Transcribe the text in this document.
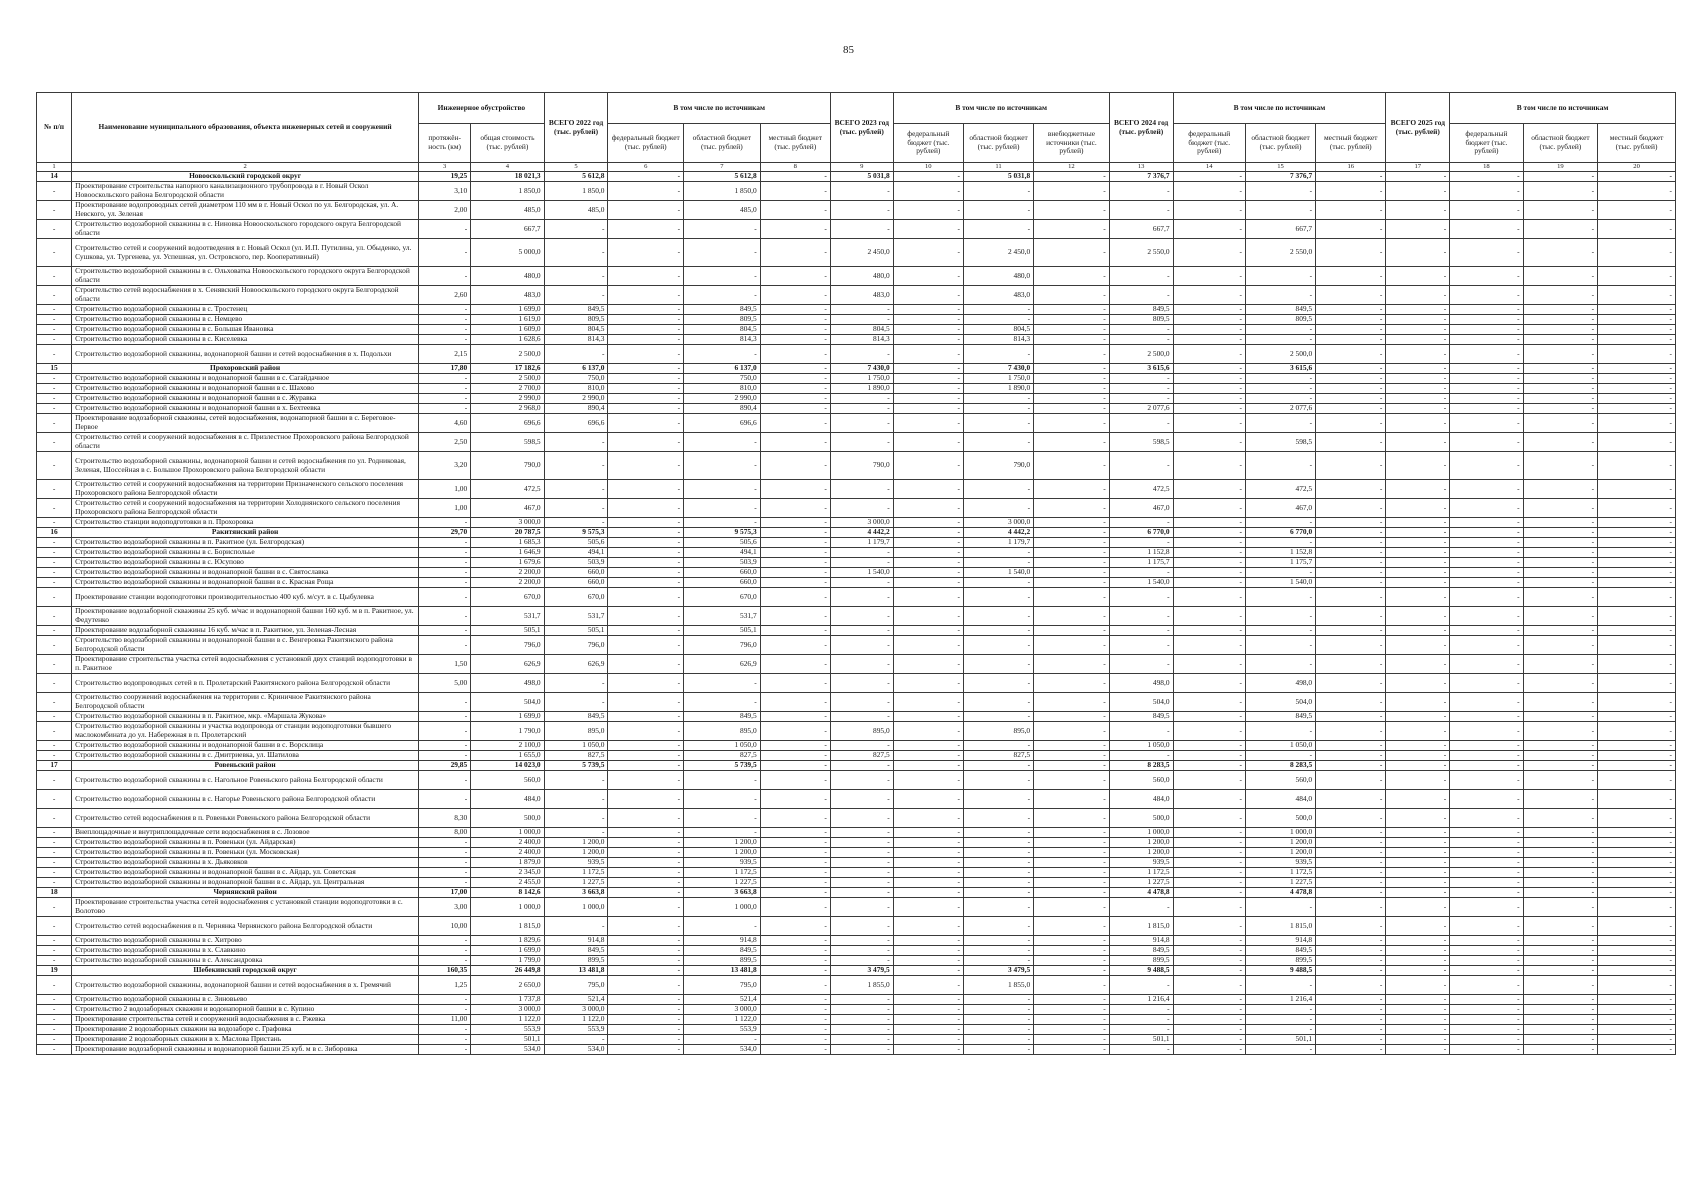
85
№ п/п	Наименование муниципального образования, объекта инженерных сетей и сооружений	Инженерное обустройство		ВСЕГО 2022 год (тыс. рублей)	В том числе по источникам			ВСЕГО 2023 год (тыс. рублей)	В том числе по источникам			ВСЕГО 2024 год (тыс. рублей)	В том числе по источникам			ВСЕГО 2025 год (тыс. рублей)	В том числе по источникам		
		протяжён-ность (км)	общая стоимость (тыс. рублей)		федеральный бюджет (тыс. рублей)	областной бюджет (тыс. рублей)	местный бюджет (тыс. рублей)		федеральный бюджет (тыс. рублей)	областной бюджет (тыс. рублей)	внебюджетные источники (тыс. рублей)		федеральный бюджет (тыс. рублей)	областной бюджет (тыс. рублей)	местный бюджет (тыс. рублей)		федеральный бюджет (тыс. рублей)	областной бюджет (тыс. рублей)	местный бюджет (тыс. рублей)
1	2	3	4	5	6	7	8	9	10	11	12	13	14	15	16	17	18	19	20
14	Новооскольский городской округ	19,25	18 021,3	5 612,8	-	5 612,8	-	5 031,8	-	5 031,8	-	7 376,7	-	7 376,7	-	-	-	-	-
-	Проектирование строительства напорного канализационного трубопровода в г. Новый Оскол Новооскольского района Белгородской области	3,10	1 850,0	1 850,0	-	1 850,0	-	-	-	-	-	-	-	-	-	-	-	-	-
-	Проектирование водопроводных сетей диаметром 110 мм в г. Новый Оскол по ул. Белгородская, ул. А. Невского, ул. Зеленая	2,00	485,0	485,0	-	485,0	-	-	-	-	-	-	-	-	-	-	-	-	-
-	Строительство водозаборной скважины в с. Ниновка Новооскольского городского округа Белгородской области	-	667,7	-	-	-	-	-	-	-	-	667,7	-	667,7	-	-	-	-	-
-	Строительство сетей и сооружений водоотведения в г. Новый Оскол (ул. И.П. Путилина, ул. Обыденко, ул. Сушкова, ул. Тургенева, ул. Успешная, ул. Островского, пер. Кооперативный)	-	5 000,0	-	-	-	-	2 450,0	-	2 450,0	-	2 550,0	-	2 550,0	-	-	-	-	-
-	Строительство водозаборной скважины в с. Ольховатка Новооскольского городского округа Белгородской области	-	480,0	-	-	-	-	480,0	-	480,0	-	-	-	-	-	-	-	-	-
-	Строительство сетей водоснабжения в х. Сенявский Новооскольского городского округа Белгородской области	2,60	483,0	-	-	-	-	483,0	-	483,0	-	-	-	-	-	-	-	-	-
-	Строительство водозаборной скважины в с. Тростенец	-	1 699,0	849,5	-	849,5	-	-	-	-	-	849,5	-	849,5	-	-	-	-	-
-	Строительство водозаборной скважины в с. Немцево	-	1 619,0	809,5	-	809,5	-	-	-	-	-	809,5	-	809,5	-	-	-	-	-
-	Строительство водозаборной скважины в с. Большая Ивановка	-	1 609,0	804,5	-	804,5	-	804,5	-	804,5	-	-	-	-	-	-	-	-	-
-	Строительство водозаборной скважины в с. Киселевка	-	1 628,6	814,3	-	814,3	-	814,3	-	814,3	-	-	-	-	-	-	-	-	-
-	Строительство водозаборной скважины, водонапорной башни и сетей водоснабжения в х. Подольхи	2,15	2 500,0	-	-	-	-	-	-	-	-	2 500,0	-	2 500,0	-	-	-	-	-
15	Прохоровский район	17,80	17 182,6	6 137,0	-	6 137,0	-	7 430,0	-	7 430,0	-	3 615,6	-	3 615,6	-	-	-	-	-
-	Строительство водозаборной скважины и водонапорной башни в с. Сагайдачное	-	2 500,0	750,0	-	750,0	-	1 750,0	-	1 750,0	-	-	-	-	-	-	-	-	-
-	Строительство водозаборной скважины и водонапорной башни в с. Шахово	-	2 700,0	810,0	-	810,0	-	1 890,0	-	1 890,0	-	-	-	-	-	-	-	-	-
-	Строительство водозаборной скважины и водонапорной башни в с. Журавка	-	2 990,0	2 990,0	-	2 990,0	-	-	-	-	-	-	-	-	-	-	-	-	-
-	Строительство водозаборной скважины и водонапорной башни в х. Бехтеевка	-	2 968,0	890,4	-	890,4	-	-	-	-	-	2 077,6	-	2 077,6	-	-	-	-	-
-	Проектирование водозаборной скважины, сетей водоснабжения, водонапорной башни в с. Береговое-Первое	4,60	696,6	696,6	-	696,6	-	-	-	-	-	-	-	-	-	-	-	-	-
-	Строительство сетей и сооружений водоснабжения в с. Призлестное Прохоровского района Белгородской области	2,50	598,5	-	-	-	-	-	-	-	-	598,5	-	598,5	-	-	-	-	-
-	Строительство водозаборной скважины, водонапорной башни и сетей водоснабжения по ул. Родниковая, Зеленая, Шоссейная в с. Большое Прохоровского района Белгородской области	3,20	790,0	-	-	-	-	790,0	-	790,0	-	-	-	-	-	-	-	-	-
-	Строительство сетей и сооружений водоснабжения на территории Призначенского сельского поселения Прохоровского района Белгородской области	1,00	472,5	-	-	-	-	-	-	-	-	472,5	-	472,5	-	-	-	-	-
-	Строительство сетей и сооружений водоснабжения на территории Холоднянского сельского поселения Прохоровского района Белгородской области	1,00	467,0	-	-	-	-	-	-	-	-	467,0	-	467,0	-	-	-	-	-
-	Строительство станции водоподготовки в п. Прохоровка	-	3 000,0	-	-	-	-	3 000,0	-	3 000,0	-	-	-	-	-	-	-	-	-
16	Ракитянский район	29,70	20 787,5	9 575,3	-	9 575,3	-	4 442,2	-	4 442,2	-	6 770,0	-	6 770,0	-	-	-	-	-
-	Строительство водозаборной скважины в п. Ракитное (ул. Белгородская)	-	1 685,3	505,6	-	505,6	-	1 179,7	-	1 179,7	-	-	-	-	-	-	-	-	-
-	Строительство водозаборной скважины в с. Бориспольье	-	1 646,9	494,1	-	494,1	-	-	-	-	-	1 152,8	-	1 152,8	-	-	-	-	-
-	Строительство водозаборной скважины в с. Юсупово	-	1 679,6	503,9	-	503,9	-	-	-	-	-	1 175,7	-	1 175,7	-	-	-	-	-
-	Строительство водозаборной скважины и водонапорной башни в с. Святославка	-	2 200,0	660,0	-	660,0	-	1 540,0	-	1 540,0	-	-	-	-	-	-	-	-	-
-	Строительство водозаборной скважины и водонапорной башни в с. Красная Роща	-	2 200,0	660,0	-	660,0	-	-	-	-	-	1 540,0	-	1 540,0	-	-	-	-	-
-	Проектирование станции водоподготовки производительностью 400 куб. м/сут. в с. Цыбулевка	-	670,0	670,0	-	670,0	-	-	-	-	-	-	-	-	-	-	-	-	-
-	Проектирование водозаборной скважины 25 куб. м/час и водонапорной башни 160 куб. м в п. Ракитное, ул. Федутенко	-	531,7	531,7	-	531,7	-	-	-	-	-	-	-	-	-	-	-	-	-
-	Проектирование водозаборной скважины 16 куб. м/час в п. Ракитное, ул. Зеленая-Лесная	-	505,1	505,1	-	505,1	-	-	-	-	-	-	-	-	-	-	-	-	-
-	Строительство водозаборной скважины и водонапорной башни в с. Венгеровка Ракитянского района Белгородской области	-	796,0	796,0	-	796,0	-	-	-	-	-	-	-	-	-	-	-	-	-
-	Проектирование строительства участка сетей водоснабжения с установкой двух станций водоподготовки в п. Ракитное	1,50	626,9	626,9	-	626,9	-	-	-	-	-	-	-	-	-	-	-	-	-
-	Строительство водопроводных сетей в п. Пролетарский Ракитянского района Белгородской области	5,00	498,0	-	-	-	-	-	-	-	-	498,0	-	498,0	-	-	-	-	-
-	Строительство сооружений водоснабжения на территории с. Криничное Ракитянского района Белгородской области	-	504,0	-	-	-	-	-	-	-	-	504,0	-	504,0	-	-	-	-	-
-	Строительство водозаборной скважины в п. Ракитное, мкр. «Маршала Жукова»	-	1 699,0	849,5	-	849,5	-	-	-	-	-	849,5	-	849,5	-	-	-	-	-
-	Строительство водозаборной скважины и участка водопровода от станции водоподготовки бывшего маслокомбината до ул. Набережная в п. Пролетарский	-	1 790,0	895,0	-	895,0	-	895,0	-	895,0	-	-	-	-	-	-	-	-	-
-	Строительство водозаборной скважины и водонапорной башни в с. Ворсклица	-	2 100,0	1 050,0	-	1 050,0	-	-	-	-	-	1 050,0	-	1 050,0	-	-	-	-	-
-	Строительство водозаборной скважины в с. Дмитриевка, ул. Шатилова	-	1 655,0	827,5	-	827,5	-	827,5	-	827,5	-	-	-	-	-	-	-	-	-
17	Ровеньский район	29,85	14 023,0	5 739,5	-	5 739,5	-	-	-	-	-	8 283,5	-	8 283,5	-	-	-	-	-
-	Строительство водозаборной скважины в с. Нагольное Ровеньского района Белгородской области	-	560,0	-	-	-	-	-	-	-	-	560,0	-	560,0	-	-	-	-	-
-	Строительство водозаборной скважины в с. Нагорье Ровеньского района Белгородской области	-	484,0	-	-	-	-	-	-	-	-	484,0	-	484,0	-	-	-	-	-
-	Строительство сетей водоснабжения в п. Ровеньки Ровеньского района Белгородской области	8,30	500,0	-	-	-	-	-	-	-	-	500,0	-	500,0	-	-	-	-	-
-	Внеплощадочные и внутриплощадочные сети водоснабжения в с. Лозовое	8,00	1 000,0	-	-	-	-	-	-	-	-	1 000,0	-	1 000,0	-	-	-	-	-
-	Строительство водозаборной скважины в п. Ровеньки (ул. Айдарская)	-	2 400,0	1 200,0	-	1 200,0	-	-	-	-	-	1 200,0	-	1 200,0	-	-	-	-	-
-	Строительство водозаборной скважины в п. Ровеньки (ул. Московская)	-	2 400,0	1 200,0	-	1 200,0	-	-	-	-	-	1 200,0	-	1 200,0	-	-	-	-	-
-	Строительство водозаборной скважины в х. Дьяковков	-	1 879,0	939,5	-	939,5	-	-	-	-	-	939,5	-	939,5	-	-	-	-	-
-	Строительство водозаборной скважины и водонапорной башни в с. Айдар, ул. Советская	-	2 345,0	1 172,5	-	1 172,5	-	-	-	-	-	1 172,5	-	1 172,5	-	-	-	-	-
-	Строительство водозаборной скважины и водонапорной башни в с. Айдар, ул. Центральная	-	2 455,0	1 227,5	-	1 227,5	-	-	-	-	-	1 227,5	-	1 227,5	-	-	-	-	-
18	Чернянский район	17,00	8 142,6	3 663,8	-	3 663,8	-	-	-	-	-	4 478,8	-	4 478,8	-	-	-	-	-
-	Проектирование строительства участка сетей водоснабжения с установкой станции водоподготовки в с. Волотово	3,00	1 000,0	1 000,0	-	1 000,0	-	-	-	-	-	-	-	-	-	-	-	-	-
-	Строительство сетей водоснабжения в п. Чернянка Чернянского района Белгородской области	10,00	1 815,0	-	-	-	-	-	-	-	-	1 815,0	-	1 815,0	-	-	-	-	-
-	Строительство водозаборной скважины в с. Хитрово	-	1 829,6	914,8	-	914,8	-	-	-	-	-	914,8	-	914,8	-	-	-	-	-
-	Строительство водозаборной скважины в х. Славкино	-	1 699,0	849,5	-	849,5	-	-	-	-	-	849,5	-	849,5	-	-	-	-	-
-	Строительство водозаборной скважины в с. Александровка	-	1 799,0	899,5	-	899,5	-	-	-	-	-	899,5	-	899,5	-	-	-	-	-
19	Шебекинский городской округ	160,35	26 449,8	13 481,8	-	13 481,8	-	3 479,5	-	3 479,5	-	9 488,5	-	9 488,5	-	-	-	-	-
-	Строительство водозаборной скважины, водонапорной башни и сетей водоснабжения в х. Гремячий	1,25	2 650,0	795,0	-	795,0	-	1 855,0	-	1 855,0	-	-	-	-	-	-	-	-	-
-	Строительство водозаборной скважины в с. Зиновьево	-	1 737,8	521,4	-	521,4	-	-	-	-	-	1 216,4	-	1 216,4	-	-	-	-	-
-	Строительство 2 водозаборных скважин и водонапорной башни в с. Купино	-	3 000,0	3 000,0	-	3 000,0	-	-	-	-	-	-	-	-	-	-	-	-	-
-	Проектирование строительства сетей и сооружений водоснабжения в с. Ржевка	11,00	1 122,0	1 122,0	-	1 122,0	-	-	-	-	-	-	-	-	-	-	-	-	-
-	Проектирование 2 водозаборных скважин на водозаборе с. Графовка	-	553,9	553,9	-	553,9	-	-	-	-	-	-	-	-	-	-	-	-	-
-	Проектирование 2 водозаборных скважин в х. Маслова Пристань	-	501,1	-	-	-	-	-	-	-	-	501,1	-	501,1	-	-	-	-	-
-	Проектирование водозаборной скважины и водонапорной башни 25 куб. м в с. Зиборовка	-	534,0	534,0	-	534,0	-	-	-	-	-	-	-	-	-	-	-	-	-
